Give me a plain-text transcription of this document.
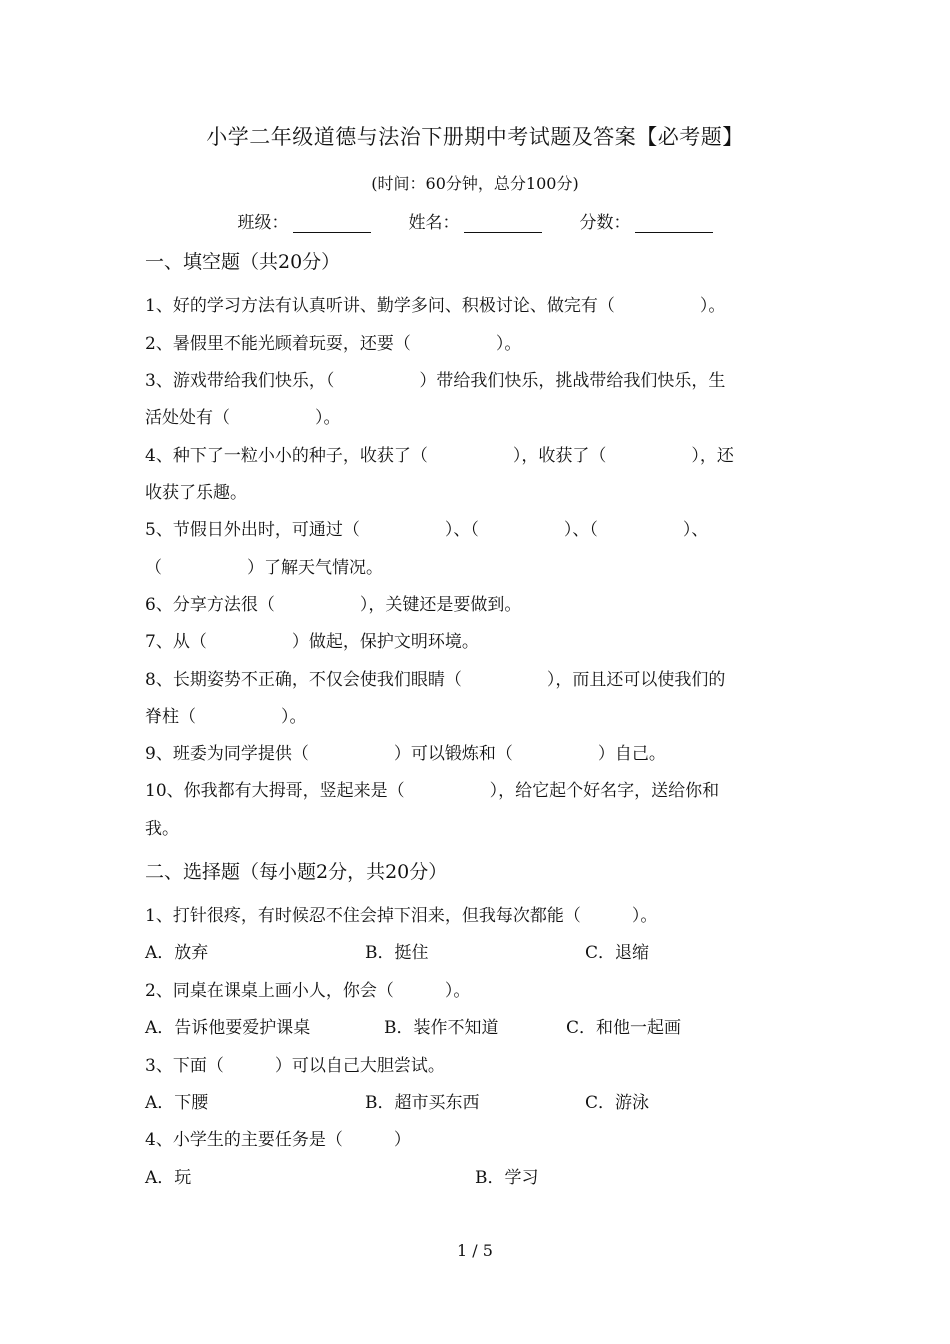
小学二年级道德与法治下册期中考试题及答案【必考题】
(时间：60分钟，总分100分)
班级：	姓名：	分数：
一、填空题（共20分）
1、好的学习方法有认真听讲、勤学多问、积极讨论、做完有（　　　　　）。
2、暑假里不能光顾着玩耍，还要（　　　　　）。
3、游戏带给我们快乐，（　　　　　）带给我们快乐，挑战带给我们快乐，生
活处处有（　　　　　）。
4、种下了一粒小小的种子，收获了（　　　　　），收获了（　　　　　），还
收获了乐趣。
5、节假日外出时，可通过（　　　　　）、（　　　　　）、（　　　　　）、
（　　　　　）了解天气情况。
6、分享方法很（　　　　　），关键还是要做到。
7、从（　　　　　）做起，保护文明环境。
8、长期姿势不正确，不仅会使我们眼睛（　　　　　），而且还可以使我们的
脊柱（　　　　　）。
9、班委为同学提供（　　　　　）可以锻炼和（　　　　　）自己。
10、你我都有大拇哥，竖起来是（　　　　　），给它起个好名字，送给你和
我。
二、选择题（每小题2分，共20分）
1、打针很疼，有时候忍不住会掉下泪来，但我每次都能（　　　）。
A．放弃	B．挺住	C．退缩
2、同桌在课桌上画小人，你会（　　　）。
A．告诉他要爱护课桌	B．装作不知道	C．和他一起画
3、下面（　　　）可以自己大胆尝试。
A．下腰	B．超市买东西	C．游泳
4、小学生的主要任务是（　　　）
A．玩	B．学习
1 / 5
